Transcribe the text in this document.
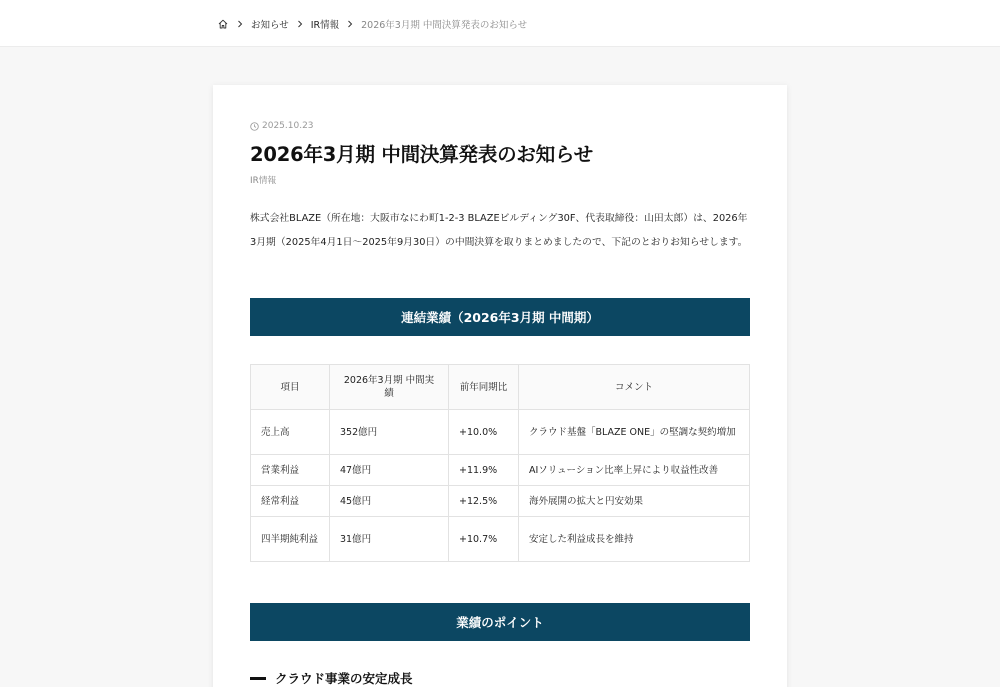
お知らせ IR情報 2026年3月期 中間決算発表のお知らせ
2025.10.23
2026年3月期 中間決算発表のお知らせ
IR情報
株式会社BLAZE（所在地：大阪市なにわ町1-2-3 BLAZEビルディング30F、代表取締役：山田太郎）は、2026年
3月期（2025年4月1日〜2025年9月30日）の中間決算を取りまとめましたので、下記のとおりお知らせします。
連結業績（2026年3月期 中間期）
項目	2026年3月期 中間実績	前年同期比	コメント
売上高	352億円	+10.0%	クラウド基盤「BLAZE ONE」の堅調な契約増加
営業利益	47億円	+11.9%	AIソリューション比率上昇により収益性改善
経常利益	45億円	+12.5%	海外展開の拡大と円安効果
四半期純利益	31億円	+10.7%	安定した利益成長を維持
業績のポイント
クラウド事業の安定成長
